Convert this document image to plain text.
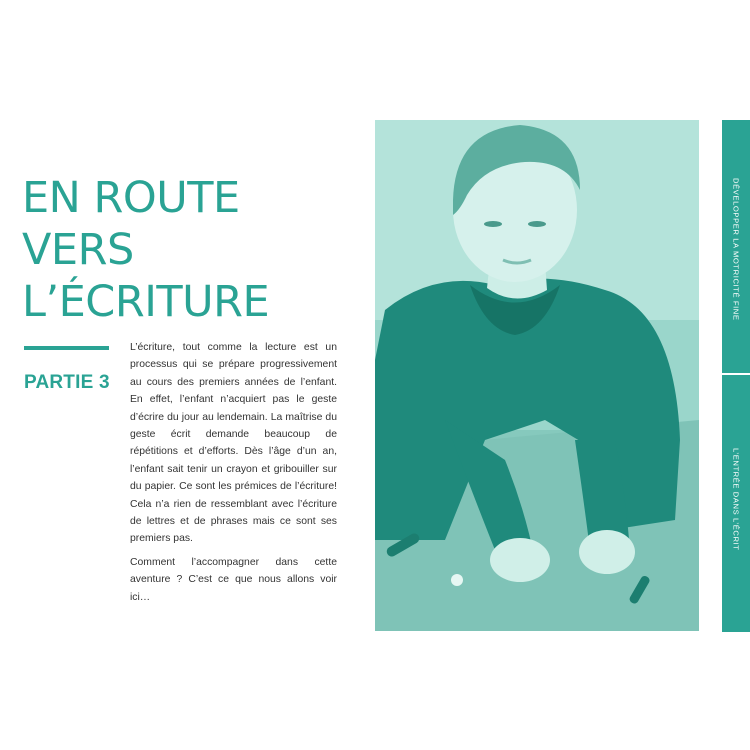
EN ROUTE
VERS
L’ÉCRITURE
PARTIE 3

L’écriture, tout comme la lecture est un processus qui se prépare progressivement au cours des premiers années de l’enfant. En effet, l’enfant n’acquiert pas le geste d’écrire du jour au lendemain. La maîtrise du geste écrit demande beaucoup de répétitions et d’efforts. Dès l’âge d’un an, l’enfant sait tenir un crayon et gribouiller sur du papier. Ce sont les prémices de l’écriture! Cela n’a rien de ressemblant avec l’écriture de lettres et de phrases mais ce sont ses premiers pas.

Comment l’accompagner dans cette aventure ? C’est ce que nous allons voir ici…

DÉVELOPPER LA MOTRICITÉ FINE
L’ENTRÉE DANS L’ÉCRIT
